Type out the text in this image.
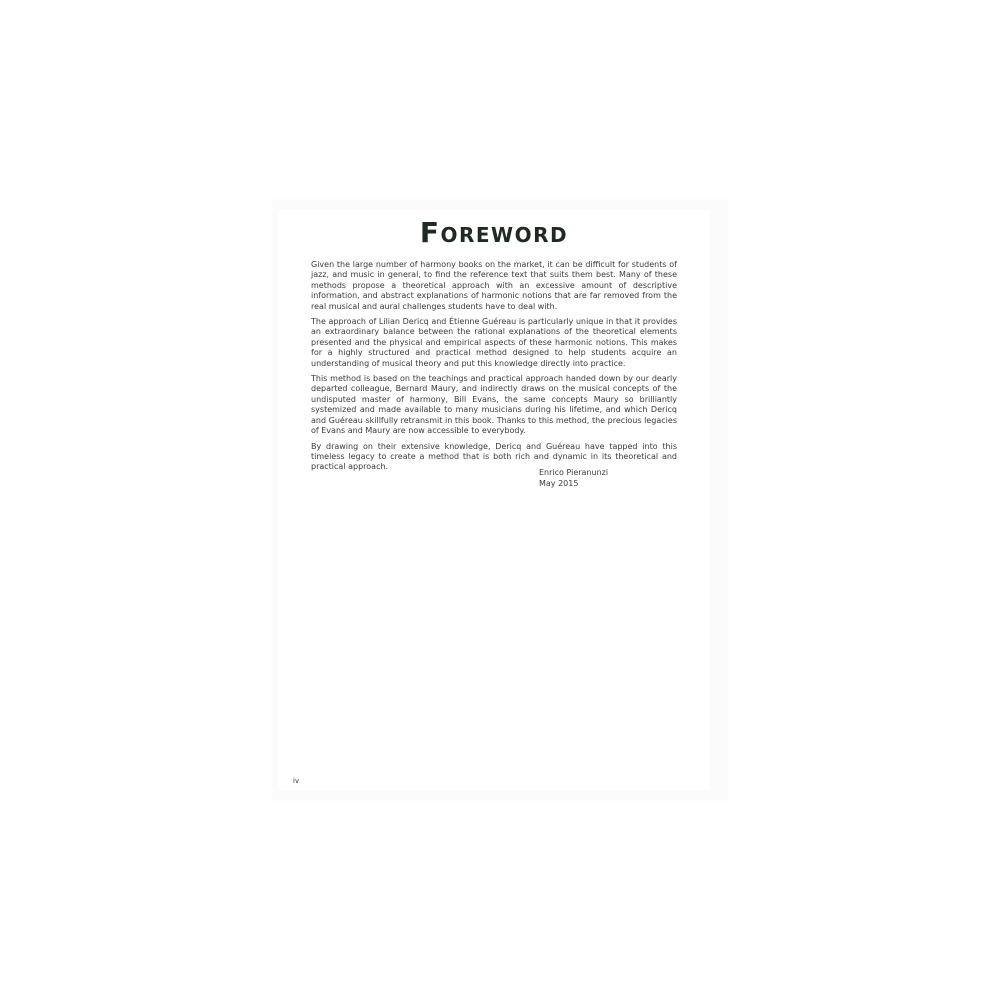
Foreword

Given the large number of harmony books on the market, it can be difficult for students of jazz, and music in general, to find the reference text that suits them best. Many of these methods propose a theoretical approach with an excessive amount of descriptive information, and abstract explanations of harmonic notions that are far removed from the real musical and aural challenges students have to deal with.

The approach of Lilian Dericq and Étienne Guéreau is particularly unique in that it provides an extraordinary balance between the rational explanations of the theoretical elements presented and the physical and empirical aspects of these harmonic notions. This makes for a highly structured and practical method designed to help students acquire an understanding of musical theory and put this knowledge directly into practice.

This method is based on the teachings and practical approach handed down by our dearly departed colleague, Bernard Maury, and indirectly draws on the musical concepts of the undisputed master of harmony, Bill Evans, the same concepts Maury so brilliantly systemized and made available to many musicians during his lifetime, and which Dericq and Guéreau skillfully retransmit in this book. Thanks to this method, the precious legacies of Evans and Maury are now accessible to everybody.

By drawing on their extensive knowledge, Dericq and Guéreau have tapped into this timeless legacy to create a method that is both rich and dynamic in its theoretical and practical approach.

Enrico Pieranunzi
May 2015
iv
